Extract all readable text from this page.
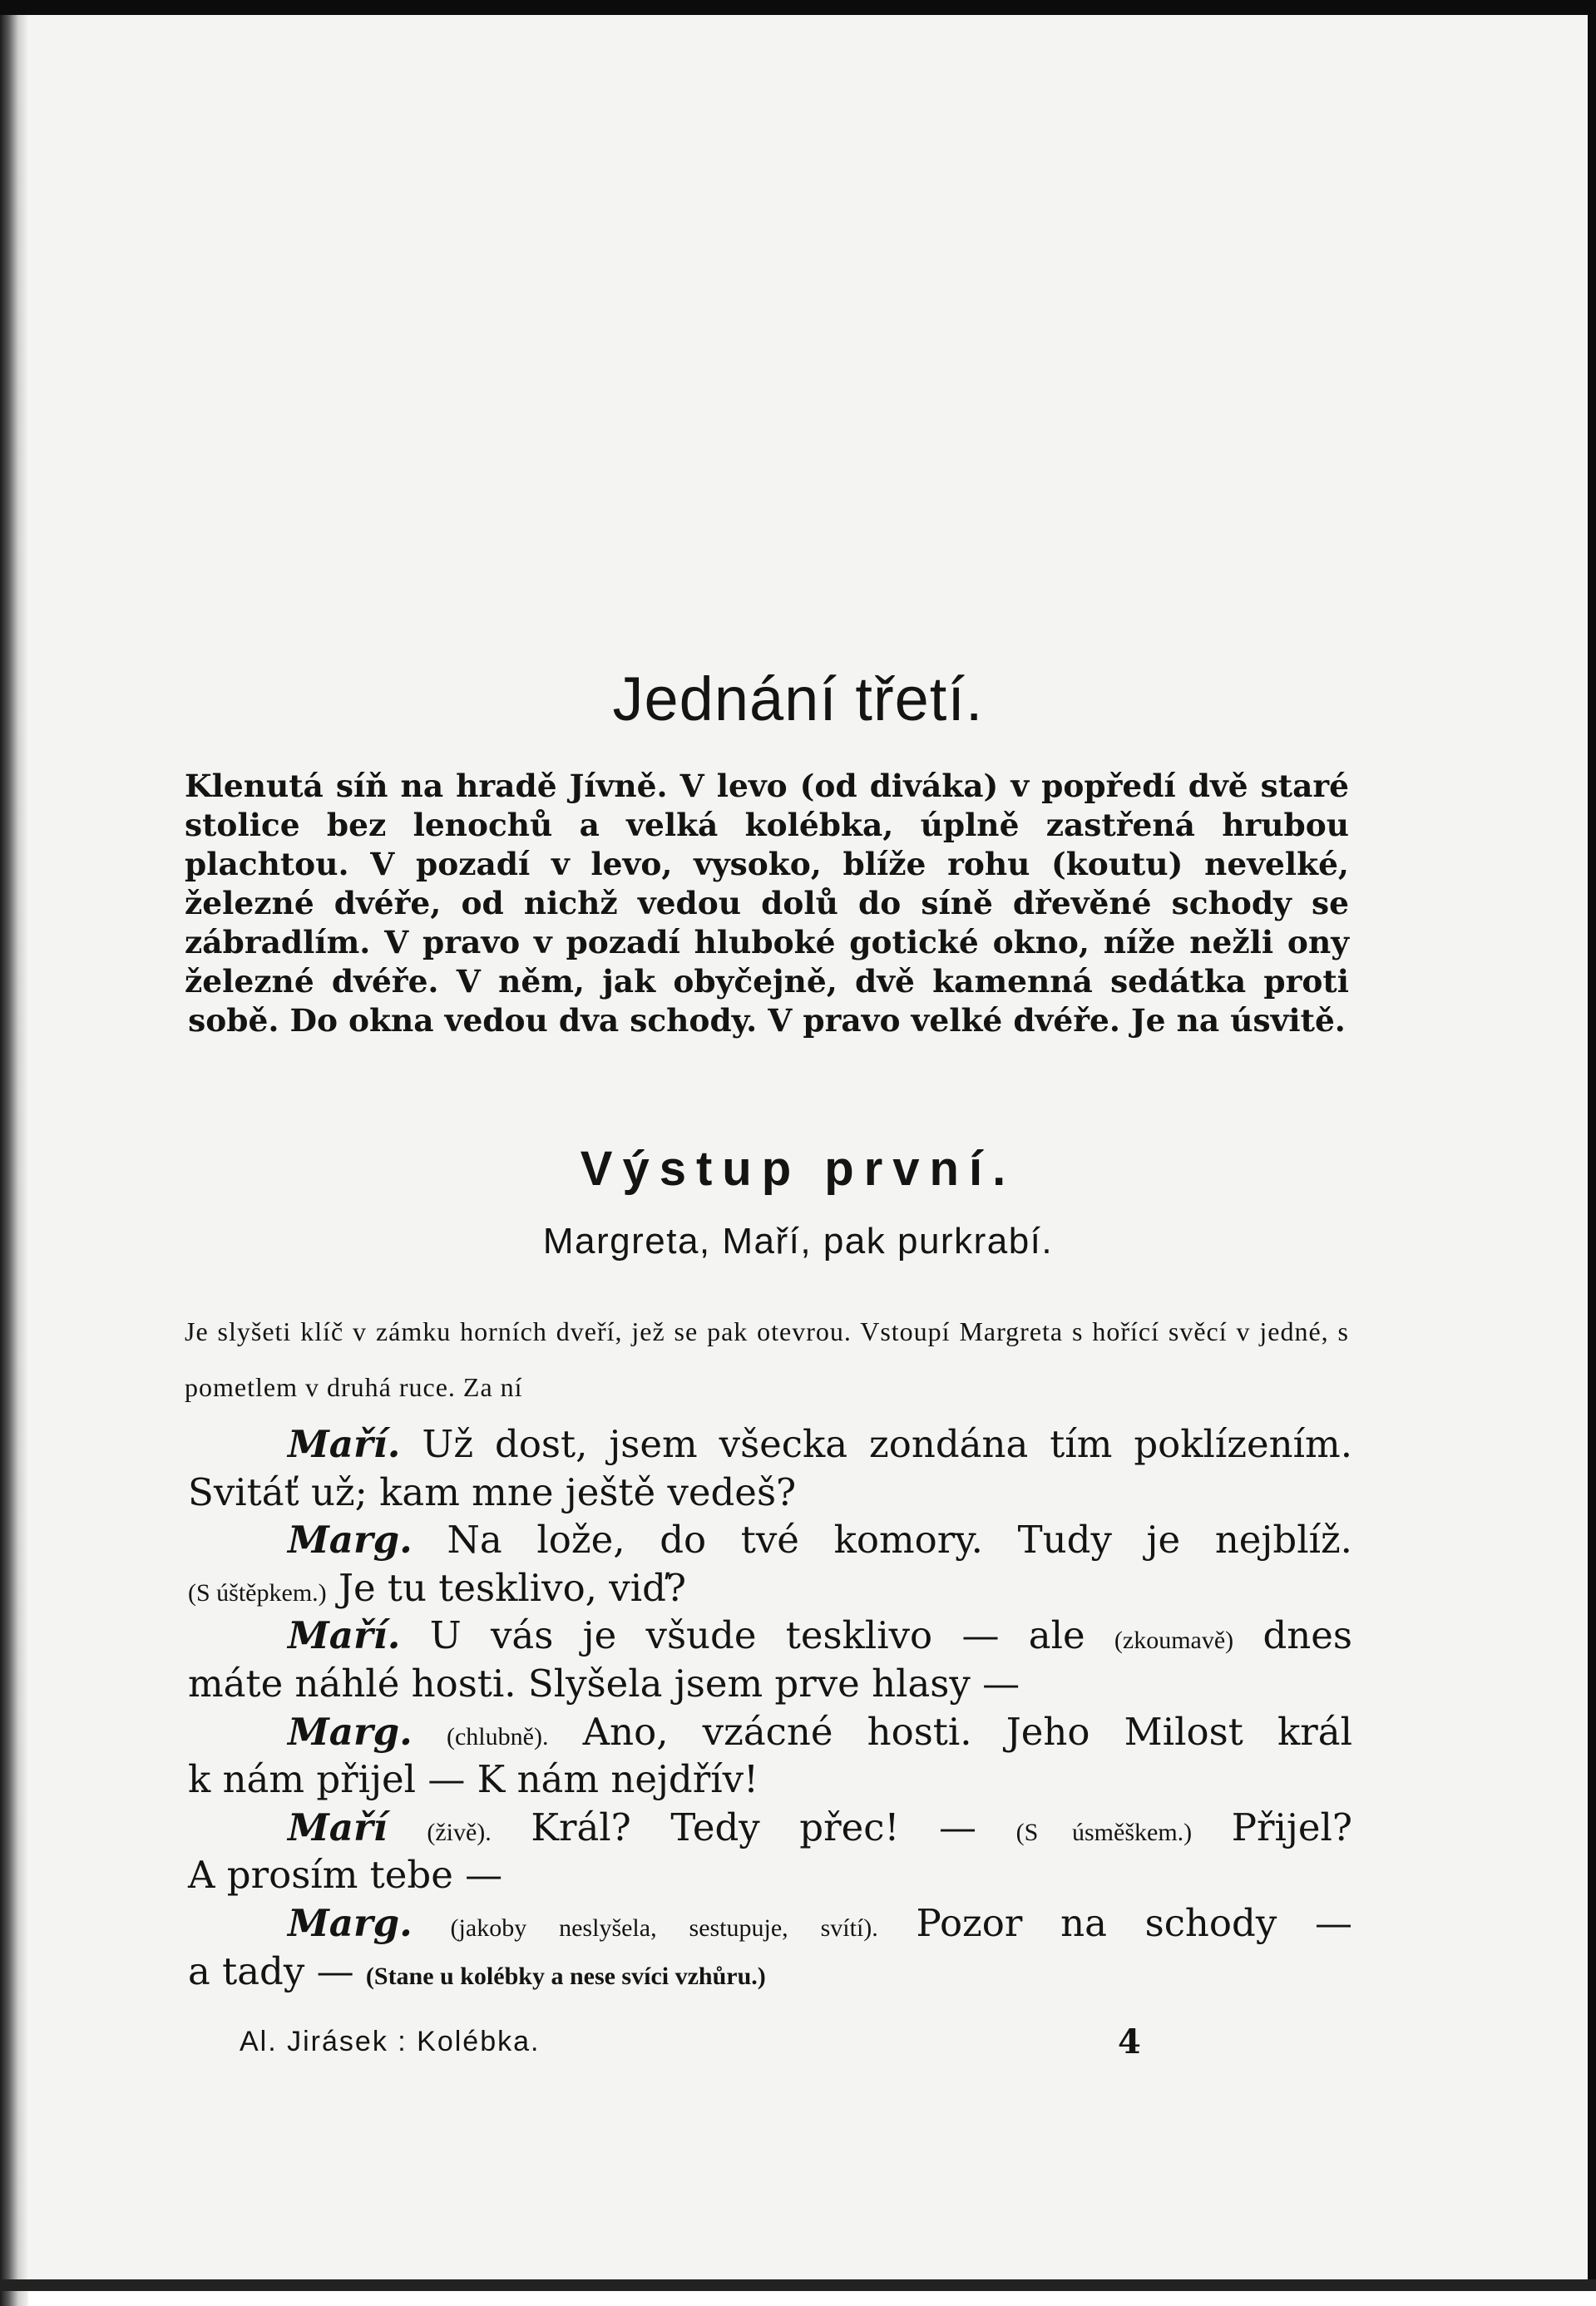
Jednání třetí.

Klenutá síň na hradě Jívně. V levo (od diváka) v popředí dvě staré stolice bez lenochů a velká kolébka, úplně zastřená hrubou plachtou. V pozadí v levo, vysoko, blíže rohu (koutu) nevelké, železné dvéře, od nichž vedou dolů do síně dřevěné schody se zábradlím. V pravo v pozadí hluboké gotické okno, níže nežli ony železné dvéře. V něm, jak obyčejně, dvě kamenná sedátka proti sobě. Do okna vedou dva schody. V pravo velké dvéře. Je na úsvitě.

Výstup první.
Margreta, Maří, pak purkrabí.

Je slyšeti klíč v zámku horních dveří, jež se pak otevrou. Vstoupí Margreta s hořící svěcí v jedné, s pometlem v druhá ruce. Za ní

Maří. Už dost, jsem všecka zondána tím poklízením.
Svitáť už; kam mne ještě vedeš?
Marg. Na lože, do tvé komory. Tudy je nejblíž.
(S úštěpkem.) Je tu tesklivo, viď?
Maří. U vás je všude tesklivo — ale (zkoumavě) dnes
máte náhlé hosti. Slyšela jsem prve hlasy —
Marg. (chlubně). Ano, vzácné hosti. Jeho Milost král
k nám přijel — K nám nejdřív!
Maří (živě). Král? Tedy přec! — (S úsměškem.) Přijel?
A prosím tebe —
Marg. (jakoby neslyšela, sestupuje, svítí). Pozor na schody —
a tady — (Stane u kolébky a nese svíci vzhůru.)
Al. Jirásek : Kolébka.	4
